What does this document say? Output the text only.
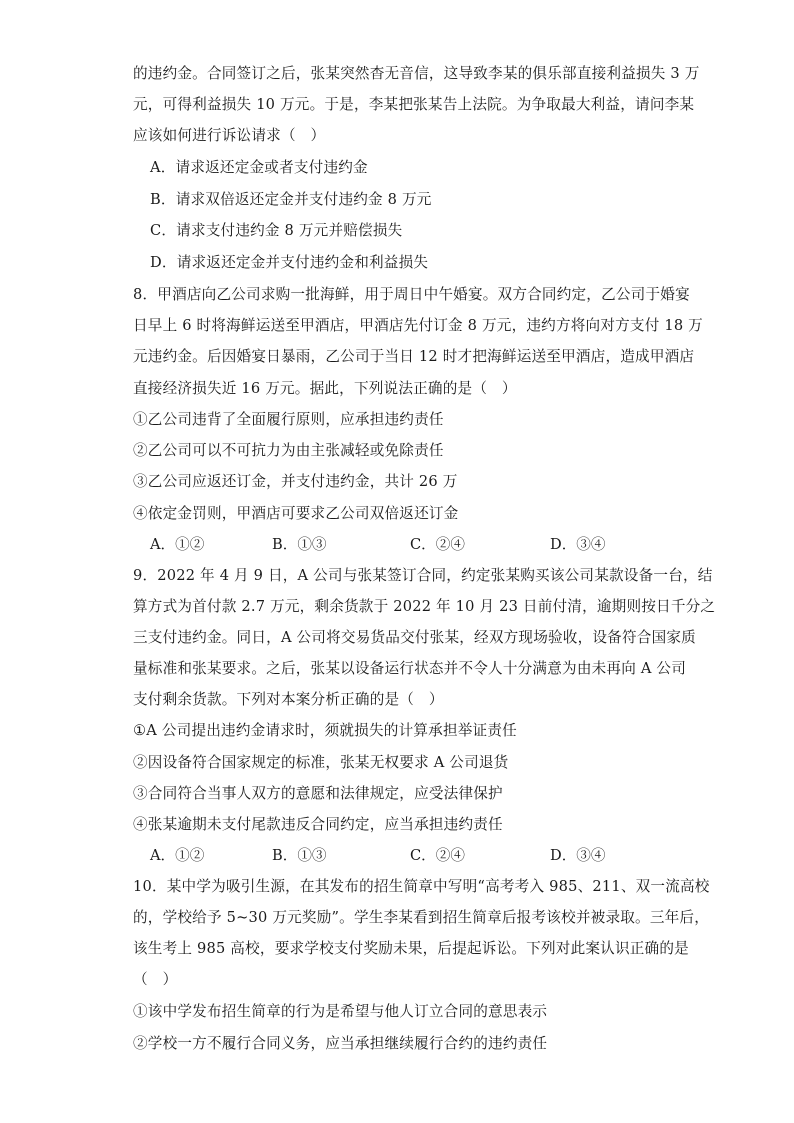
的违约金。合同签订之后，张某突然杳无音信，这导致李某的俱乐部直接利益损失 3 万
元，可得利益损失 10 万元。于是，李某把张某告上法院。为争取最大利益，请问李某
应该如何进行诉讼请求（　）
A．请求返还定金或者支付违约金
B．请求双倍返还定金并支付违约金 8 万元
C．请求支付违约金 8 万元并赔偿损失
D．请求返还定金并支付违约金和利益损失
8．甲酒店向乙公司求购一批海鲜，用于周日中午婚宴。双方合同约定，乙公司于婚宴
日早上 6 时将海鲜运送至甲酒店，甲酒店先付订金 8 万元，违约方将向对方支付 18 万
元违约金。后因婚宴日暴雨，乙公司于当日 12 时才把海鲜运送至甲酒店，造成甲酒店
直接经济损失近 16 万元。据此，下列说法正确的是（　）
①乙公司违背了全面履行原则，应承担违约责任
②乙公司可以不可抗力为由主张减轻或免除责任
③乙公司应返还订金，并支付违约金，共计 26 万
④依定金罚则，甲酒店可要求乙公司双倍返还订金
A．①②	B．①③	C．②④	D．③④
9．2022 年 4 月 9 日，A 公司与张某签订合同，约定张某购买该公司某款设备一台，结
算方式为首付款 2.7 万元，剩余货款于 2022 年 10 月 23 日前付清，逾期则按日千分之
三支付违约金。同日，A 公司将交易货品交付张某，经双方现场验收，设备符合国家质
量标准和张某要求。之后，张某以设备运行状态并不令人十分满意为由未再向 A 公司
支付剩余货款。下列对本案分析正确的是（　）
①A 公司提出违约金请求时，须就损失的计算承担举证责任
②因设备符合国家规定的标准，张某无权要求 A 公司退货
③合同符合当事人双方的意愿和法律规定，应受法律保护
④张某逾期未支付尾款违反合同约定，应当承担违约责任
A．①②	B．①③	C．②④	D．③④
10．某中学为吸引生源，在其发布的招生简章中写明“高考考入 985、211、双一流高校
的，学校给予 5~30 万元奖励”。学生李某看到招生简章后报考该校并被录取。三年后，
该生考上 985 高校，要求学校支付奖励未果，后提起诉讼。下列对此案认识正确的是
（　）
①该中学发布招生简章的行为是希望与他人订立合同的意思表示
②学校一方不履行合同义务，应当承担继续履行合约的违约责任
